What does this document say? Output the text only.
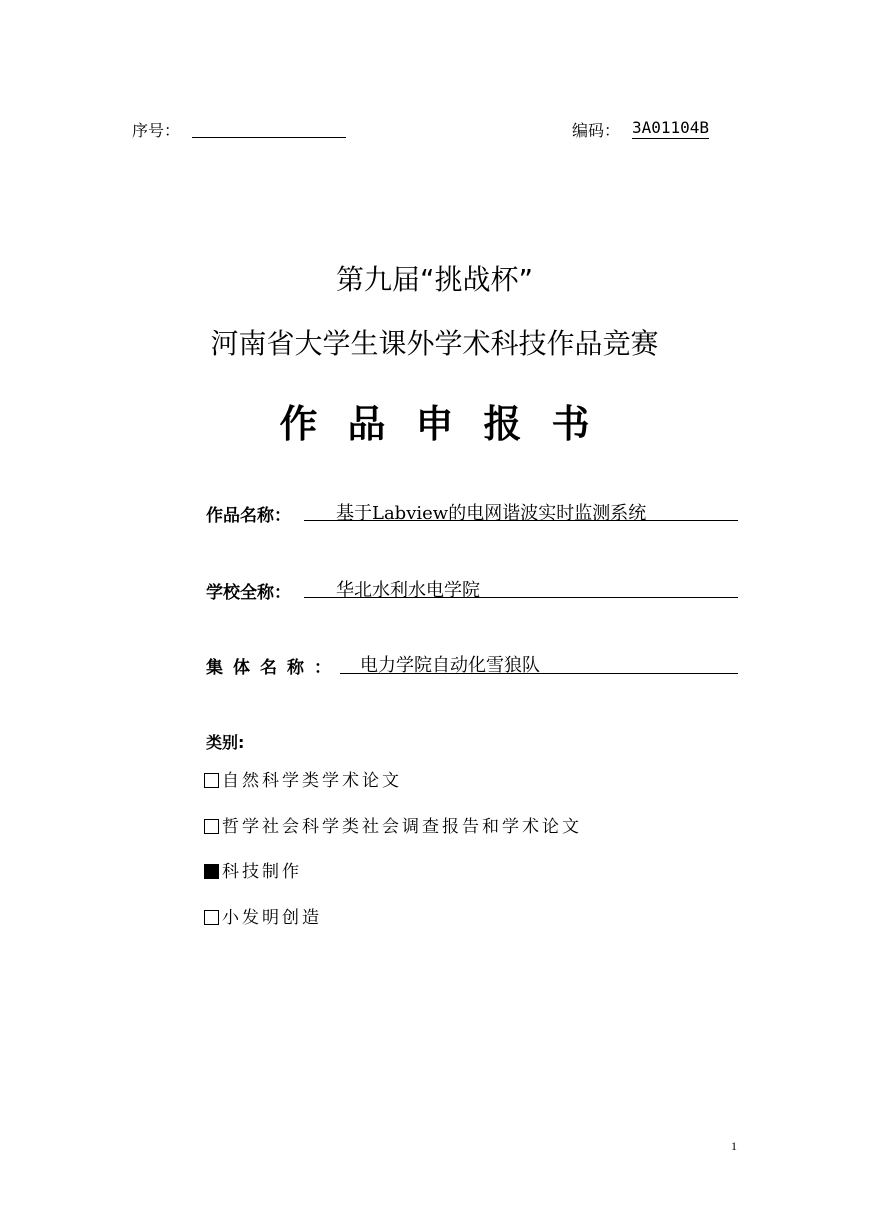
序号：	编码： 3A01104B
第九届“挑战杯”
河南省大学生课外学术科技作品竞赛
作品申报书
作品名称：	基于Labview的电网谐波实时监测系统
学校全称：	华北水利水电学院
集体名称： 电力学院自动化雪狼队
类别:
自然科学类学术论文
哲学社会科学类社会调查报告和学术论文
科技制作
小发明创造
1
